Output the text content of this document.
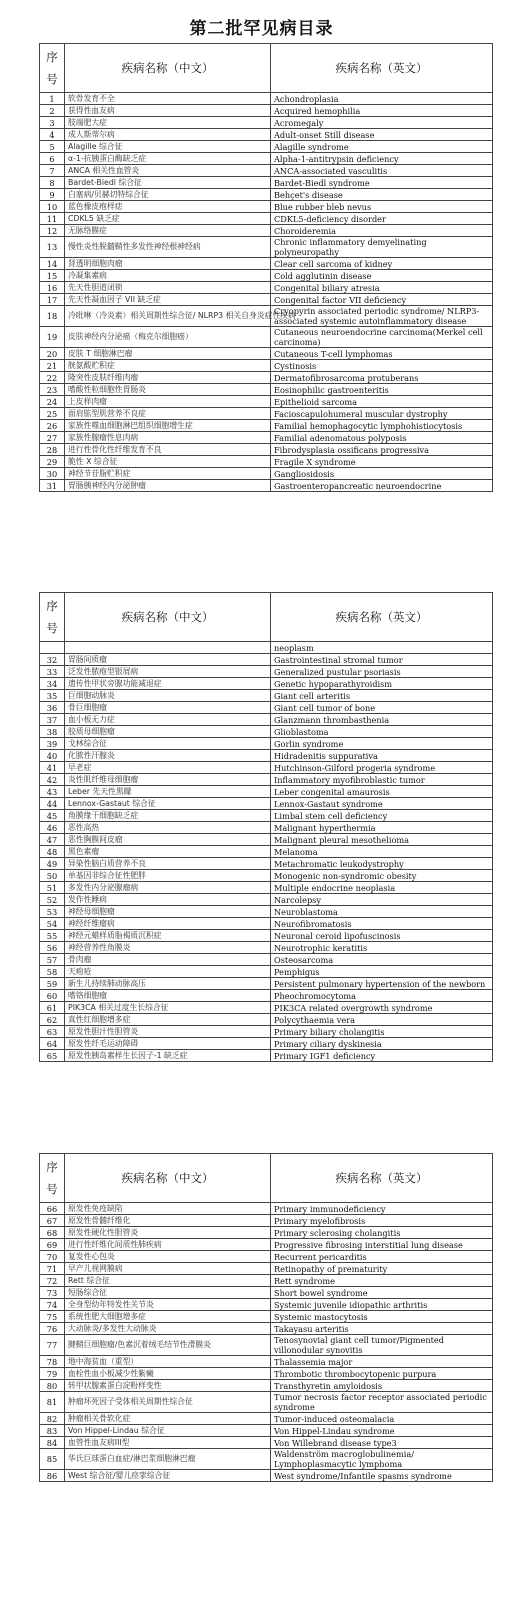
第二批罕见病目录
序
号	疾病名称（中文）	疾病名称（英文）
1	软骨发育不全	Achondroplasia
2	获得性血友病	Acquired hemophilia
3	肢端肥大症	Acromegaly
4	成人斯蒂尔病	Adult-onset Still disease
5	Alagille 综合征	Alagille syndrome
6	α-1-抗胰蛋白酶缺乏症	Alpha-1-antitrypsin deficiency
7	ANCA 相关性血管炎	ANCA-associated vasculitis
8	Bardet-Biedl 综合征	Bardet-Biedl syndrome
9	白塞病/贝赫切特综合征	Behçet's disease
10	蓝色橡皮疱样痣	Blue rubber bleb nevus
11	CDKL5 缺乏症	CDKL5-deficiency disorder
12	无脉络膜症	Choroideremia
13	慢性炎性脱髓鞘性多发性神经根神经病	Chronic inflammatory demyelinating polyneuropathy
14	肾透明细胞肉瘤	Clear cell sarcoma of kidney
15	冷凝集素病	Cold agglutinin disease
16	先天性胆道闭锁	Congenital biliary atresia
17	先天性凝血因子 VII 缺乏症	Congenital factor VII deficiency
18	冷吡啉（冷炎素）相关周期性综合征/ NLRP3 相关自身炎症性疾病	Cryopyrin associated periodic syndrome/ NLRP3-associated systemic autoinflammatory disease
19	皮肤神经内分泌癌（梅克尔细胞癌）	Cutaneous neuroendocrine carcinoma(Merkel cell carcinoma)
20	皮肤 T 细胞淋巴瘤	Cutaneous T-cell lymphomas
21	胱氨酸贮积症	Cystinosis
22	隆突性皮肤纤维肉瘤	Dermatofibrosarcoma protuberans
23	嗜酸性粒细胞性胃肠炎	Eosinophilic gastroenteritis
24	上皮样肉瘤	Epithelioid sarcoma
25	面肩肱型肌营养不良症	Facioscapulohumeral muscular dystrophy
26	家族性噬血细胞淋巴组织细胞增生症	Familial hemophagocytic lymphohistiocytosis
27	家族性腺瘤性息肉病	Familial adenomatous polyposis
28	进行性骨化性纤维发育不良	Fibrodysplasia ossificans progressiva
29	脆性 X 综合征	Fragile X syndrome
30	神经节苷脂贮积症	Gangliosidosis
31	胃肠胰神经内分泌肿瘤	Gastroenteropancreatic neuroendocrine
序
号	疾病名称（中文）	疾病名称（英文）
		neoplasm
32	胃肠间质瘤	Gastrointestinal stromal tumor
33	泛发性脓疱型银屑病	Generalized pustular psoriasis
34	遗传性甲状旁腺功能减退症	Genetic hypoparathyroidism
35	巨细胞动脉炎	Giant cell arteritis
36	骨巨细胞瘤	Giant cell tumor of bone
37	血小板无力症	Glanzmann thrombasthenia
38	胶质母细胞瘤	Glioblastoma
39	戈林综合征	Gorlin syndrome
40	化脓性汗腺炎	Hidradenitis suppurativa
41	早老症	Hutchinson-Gilford progeria syndrome
42	炎性肌纤维母细胞瘤	Inflammatory myofibroblastic tumor
43	Leber 先天性黑矇	Leber congenital amaurosis
44	Lennox-Gastaut 综合征	Lennox-Gastaut syndrome
45	角膜缘干细胞缺乏症	Limbal stem cell deficiency
46	恶性高热	Malignant hyperthermia
47	恶性胸膜间皮瘤	Malignant pleural mesothelioma
48	黑色素瘤	Melanoma
49	异染性脑白质营养不良	Metachromatic leukodystrophy
50	单基因非综合征性肥胖	Monogenic non-syndromic obesity
51	多发性内分泌腺瘤病	Multiple endocrine neoplasia
52	发作性睡病	Narcolepsy
53	神经母细胞瘤	Neuroblastoma
54	神经纤维瘤病	Neurofibromatosis
55	神经元蜡样质脂褐质沉积症	Neuronal ceroid lipofuscinosis
56	神经营养性角膜炎	Neurotrophic keratitis
57	骨肉瘤	Osteosarcoma
58	天疱疮	Pemphigus
59	新生儿持续肺动脉高压	Persistent pulmonary hypertension of the newborn
60	嗜铬细胞瘤	Pheochromocytoma
61	PIK3CA 相关过度生长综合征	PIK3CA related overgrowth syndrome
62	真性红细胞增多症	Polycythaemia vera
63	原发性胆汁性胆管炎	Primary biliary cholangitis
64	原发性纤毛运动障碍	Primary ciliary dyskinesia
65	原发性胰岛素样生长因子-1 缺乏症	Primary IGF1 deficiency
序
号	疾病名称（中文）	疾病名称（英文）
66	原发性免疫缺陷	Primary immunodeficiency
67	原发性骨髓纤维化	Primary myelofibrosis
68	原发性硬化性胆管炎	Primary sclerosing cholangitis
69	进行性纤维化间质性肺疾病	Progressive fibrosing interstitial lung disease
70	复发性心包炎	Recurrent pericarditis
71	早产儿视网膜病	Retinopathy of prematurity
72	Rett 综合征	Rett syndrome
73	短肠综合征	Short bowel syndrome
74	全身型幼年特发性关节炎	Systemic juvenile idiopathic arthritis
75	系统性肥大细胞增多症	Systemic mastocytosis
76	大动脉炎/多发性大动脉炎	Takayasu arteritis
77	腱鞘巨细胞瘤/色素沉着绒毛结节性滑膜炎	Tenosynovial giant cell tumor/Pigmented villonodular synovitis
78	地中海贫血（重型）	Thalassemia major
79	血栓性血小板减少性紫癜	Thrombotic thrombocytopenic purpura
80	转甲状腺素蛋白淀粉样变性	Transthyretin amyloidosis
81	肿瘤坏死因子受体相关周期性综合征	Tumor necrosis factor receptor associated periodic syndrome
82	肿瘤相关骨软化症	Tumor-induced osteomalacia
83	Von Hippel-Lindau 综合征	Von Hippel-Lindau syndrome
84	血管性血友病III型	Von Willebrand disease type3
85	华氏巨球蛋白血症/淋巴浆细胞淋巴瘤	Waldenström macroglobulinemia/ Lymphoplasmacytic lymphoma
86	West 综合征/婴儿痉挛综合征	West syndrome/Infantile spasms syndrome
